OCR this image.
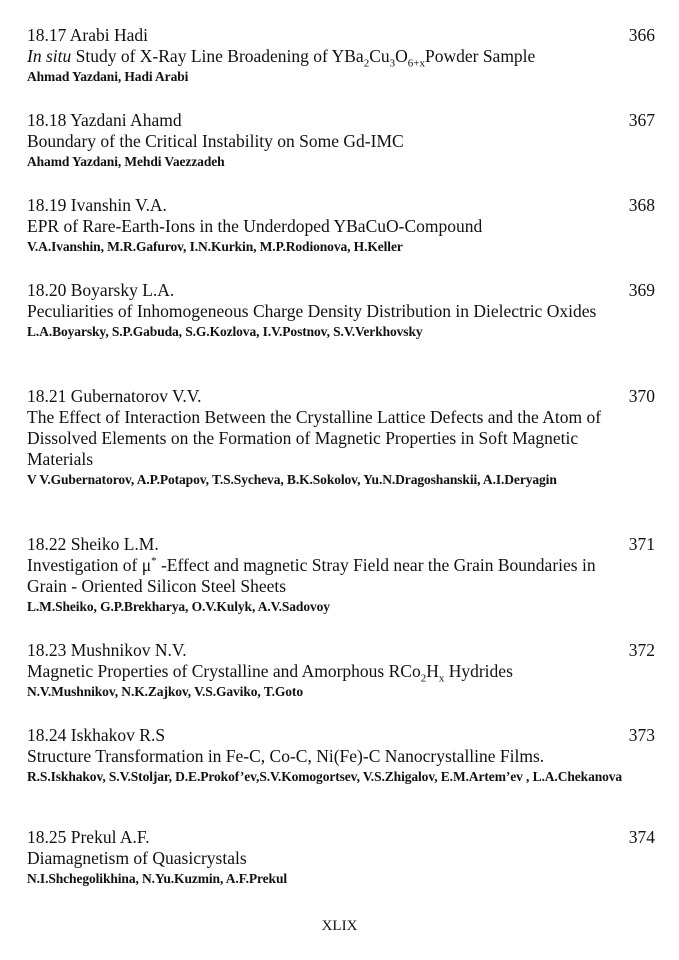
18.17 Arabi Hadi	366
In situ Study of X-Ray Line Broadening of $YBa_2Cu_3O_{6+x}Powder$ Sample
Ahmad Yazdani, Hadi Arabi
18.18 Yazdani Ahamd	367
Boundary of the Critical Instability on Some Gd-IMC
Ahamd Yazdani, Mehdi Vaezzadeh
18.19 Ivanshin V.A.	368
EPR of Rare-Earth-Ions in the Underdoped YBaCuO-Compound
V.A.Ivanshin, M.R.Gafurov, I.N.Kurkin, M.P.Rodionova, H.Keller
18.20 Boyarsky L.A.	369
Peculiarities of Inhomogeneous Charge Density Distribution in Dielectric Oxides
L.A.Boyarsky, S.P.Gabuda, S.G.Kozlova, I.V.Postnov, S.V.Verkhovsky
18.21 Gubernatorov V.V.	370
The Effect of Interaction Between the Crystalline Lattice Defects and the Atom of Dissolved Elements on the Formation of Magnetic Properties in Soft Magnetic Materials
V V.Gubernatorov, A.P.Potapov, T.S.Sycheva, B.K.Sokolov, Yu.N.Dragoshanskii, A.I.Deryagin
18.22 Sheiko L.M.	371
Investigation of μ* -Effect and magnetic Stray Field near the Grain Boundaries in Grain - Oriented Silicon Steel Sheets
L.M.Sheiko, G.P.Brekharya, O.V.Kulyk, A.V.Sadovoy
18.23 Mushnikov N.V.	372
Magnetic Properties of Crystalline and Amorphous $RCo_2H_x$ Hydrides
N.V.Mushnikov, N.K.Zajkov, V.S.Gaviko, T.Goto
18.24 Iskhakov R.S	373
Structure Transformation in Fe-C, Co-C, Ni(Fe)-C Nanocrystalline Films.
R.S.Iskhakov, S.V.Stoljar, D.E.Prokof’ev,S.V.Komogortsev, V.S.Zhigalov, E.M.Artem’ev , L.A.Chekanova
18.25 Prekul A.F.	374
Diamagnetism of Quasicrystals
N.I.Shchegolikhina, N.Yu.Kuzmin, A.F.Prekul
XLIX
